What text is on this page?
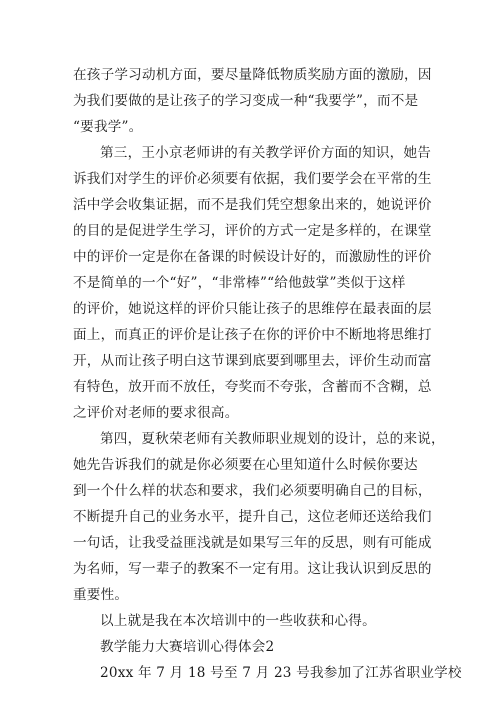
在孩子学习动机方面，要尽量降低物质奖励方面的激励，因
为我们要做的是让孩子的学习变成一种“我要学”，而不是
“要我学”。
第三，王小京老师讲的有关教学评价方面的知识，她告
诉我们对学生的评价必须要有依据，我们要学会在平常的生
活中学会收集证据，而不是我们凭空想象出来的，她说评价
的目的是促进学生学习，评价的方式一定是多样的，在课堂
中的评价一定是你在备课的时候设计好的，而激励性的评价
不是简单的一个“好”，“非常棒”“给他鼓掌”类似于这样
的评价，她说这样的评价只能让孩子的思维停在最表面的层
面上，而真正的评价是让孩子在你的评价中不断地将思维打
开，从而让孩子明白这节课到底要到哪里去，评价生动而富
有特色，放开而不放任，夸奖而不夸张，含蓄而不含糊，总
之评价对老师的要求很高。
第四，夏秋荣老师有关教师职业规划的设计，总的来说，
她先告诉我们的就是你必须要在心里知道什么时候你要达
到一个什么样的状态和要求，我们必须要明确自己的目标，
不断提升自己的业务水平，提升自己，这位老师还送给我们
一句话，让我受益匪浅就是如果写三年的反思，则有可能成
为名师，写一辈子的教案不一定有用。这让我认识到反思的
重要性。
以上就是我在本次培训中的一些收获和心得。
教学能力大赛培训心得体会2
20xx 年 7 月 18 号至 7 月 23 号我参加了江苏省职业学校
